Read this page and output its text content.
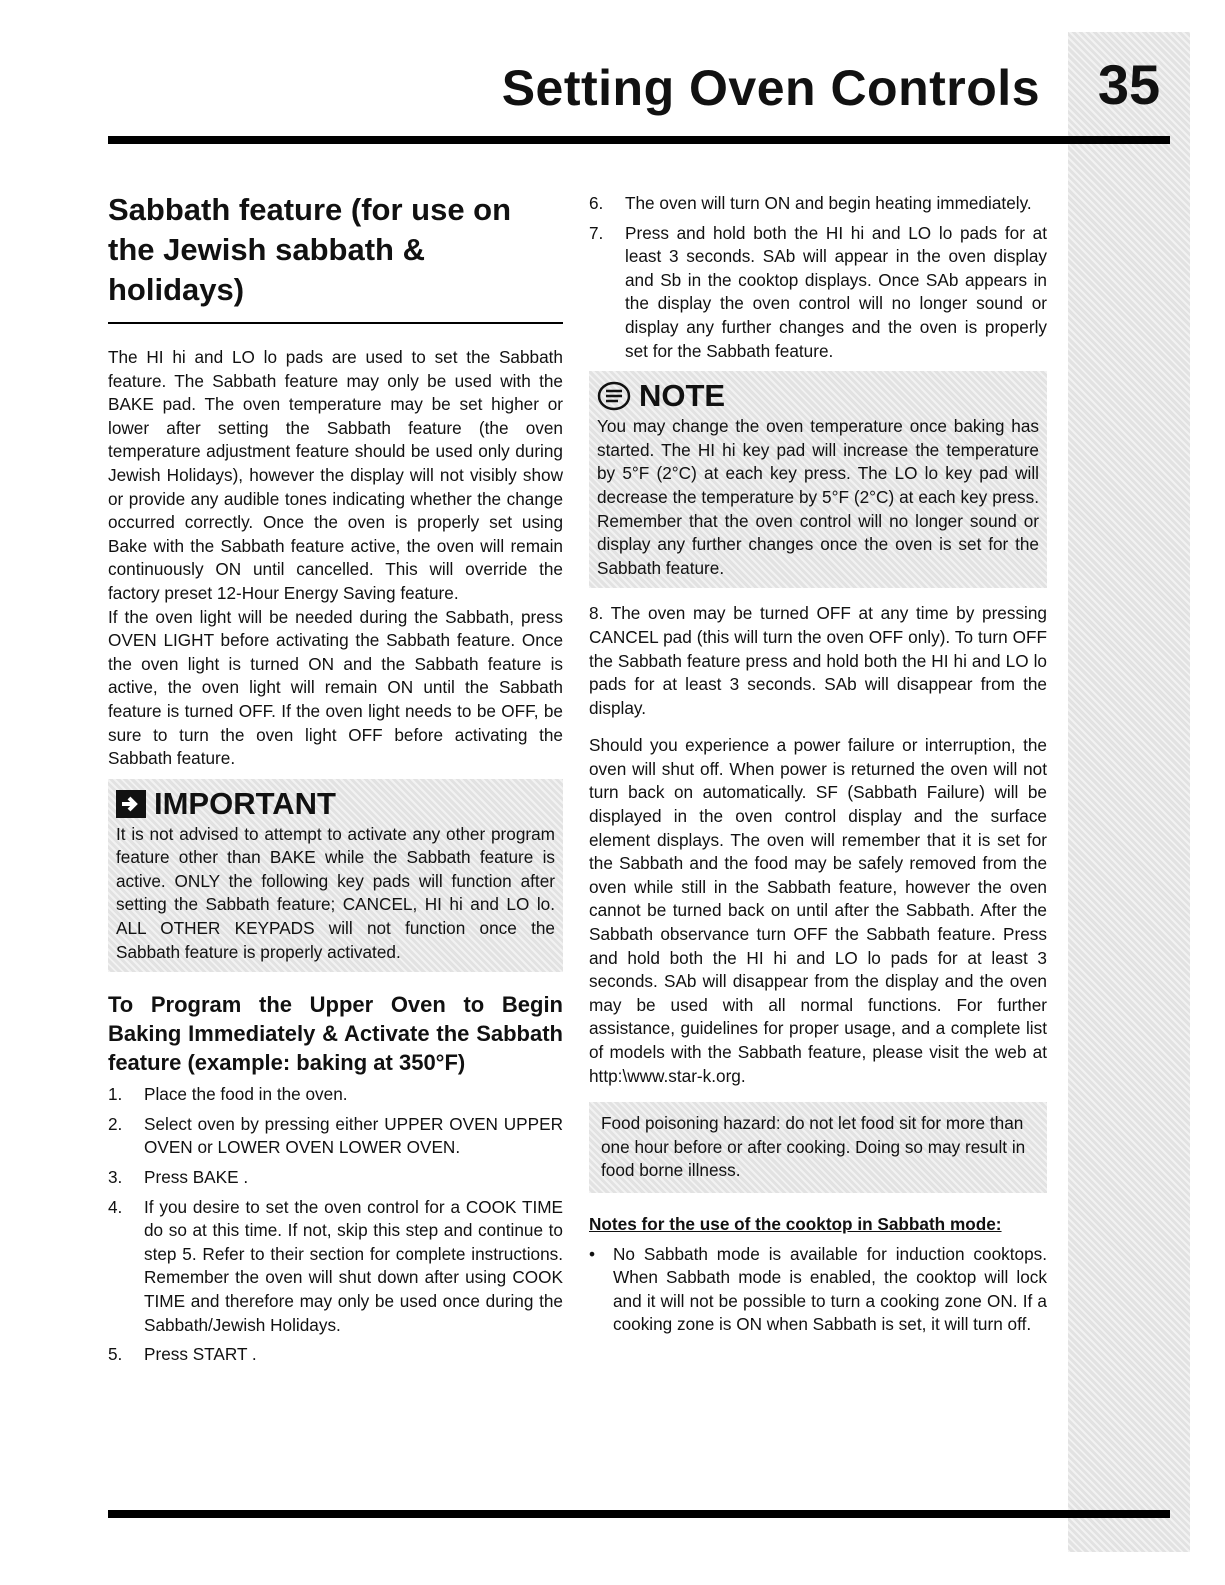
35
Setting Oven Controls
Sabbath feature (for use on the Jewish sabbath & holidays)

The HI hi and LO lo pads are used to set the Sabbath feature. The Sabbath feature may only be used with the BAKE pad. The oven temperature may be set higher or lower after setting the Sabbath feature (the oven temperature adjustment feature should be used only during Jewish Holidays), however the display will not visibly show or provide any audible tones indicating whether the change occurred correctly. Once the oven is properly set using Bake with the Sabbath feature active, the oven will remain continuously ON until cancelled. This will override the factory preset 12-Hour Energy Saving feature.

If the oven light will be needed during the Sabbath, press OVEN LIGHT before activating the Sabbath feature. Once the oven light is turned ON and the Sabbath feature is active, the oven light will remain ON until the Sabbath feature is turned OFF. If the oven light needs to be OFF, be sure to turn the oven light OFF before activating the Sabbath feature.

IMPORTANT
It is not advised to attempt to activate any other program feature other than BAKE while the Sabbath feature is active. ONLY the following key pads will function after setting the Sabbath feature; CANCEL, HI hi and LO lo. ALL OTHER KEYPADS will not function once the Sabbath feature is properly activated.
To Program the Upper Oven to Begin Baking Immediately & Activate the Sabbath feature (example: baking at 350°F)
1.	Place the food in the oven.
2.	Select oven by pressing either UPPER OVEN UPPER OVEN or LOWER OVEN LOWER OVEN.
3.	Press BAKE .
4.	If you desire to set the oven control for a COOK TIME do so at this time. If not, skip this step and continue to step 5. Refer to their section for complete instructions. Remember the oven will shut down after using COOK TIME and therefore may only be used once during the Sabbath/Jewish Holidays.
5.	Press START .
6.	The oven will turn ON and begin heating immediately.
7.	Press and hold both the HI hi and LO lo pads for at least 3 seconds. SAb will appear in the oven display and Sb in the cooktop displays. Once SAb appears in the display the oven control will no longer sound or display any further changes and the oven is properly set for the Sabbath feature.
NOTE
You may change the oven temperature once baking has started. The HI hi key pad will increase the temperature by 5°F (2°C) at each key press. The LO lo key pad will decrease the temperature by 5°F (2°C) at each key press. Remember that the oven control will no longer sound or display any further changes once the oven is set for the Sabbath feature.

8. The oven may be turned OFF at any time by pressing CANCEL pad (this will turn the oven OFF only). To turn OFF the Sabbath feature press and hold both the HI hi and LO lo pads for at least 3 seconds. SAb will disappear from the display.

Should you experience a power failure or interruption, the oven will shut off. When power is returned the oven will not turn back on automatically. SF (Sabbath Failure) will be displayed in the oven control display and the surface element displays. The oven will remember that it is set for the Sabbath and the food may be safely removed from the oven while still in the Sabbath feature, however the oven cannot be turned back on until after the Sabbath. After the Sabbath observance turn OFF the Sabbath feature. Press and hold both the HI hi and LO lo pads for at least 3 seconds. SAb will disappear from the display and the oven may be used with all normal functions. For further assistance, guidelines for proper usage, and a complete list of models with the Sabbath feature, please visit the web at http:\www.star-k.org.

Food poisoning hazard: do not let food sit for more than one hour before or after cooking. Doing so may result in food borne illness.
Notes for the use of the cooktop in Sabbath mode:
•	No Sabbath mode is available for induction cooktops. When Sabbath mode is enabled, the cooktop will lock and it will not be possible to turn a cooking zone ON. If a cooking zone is ON when Sabbath is set, it will turn off.
